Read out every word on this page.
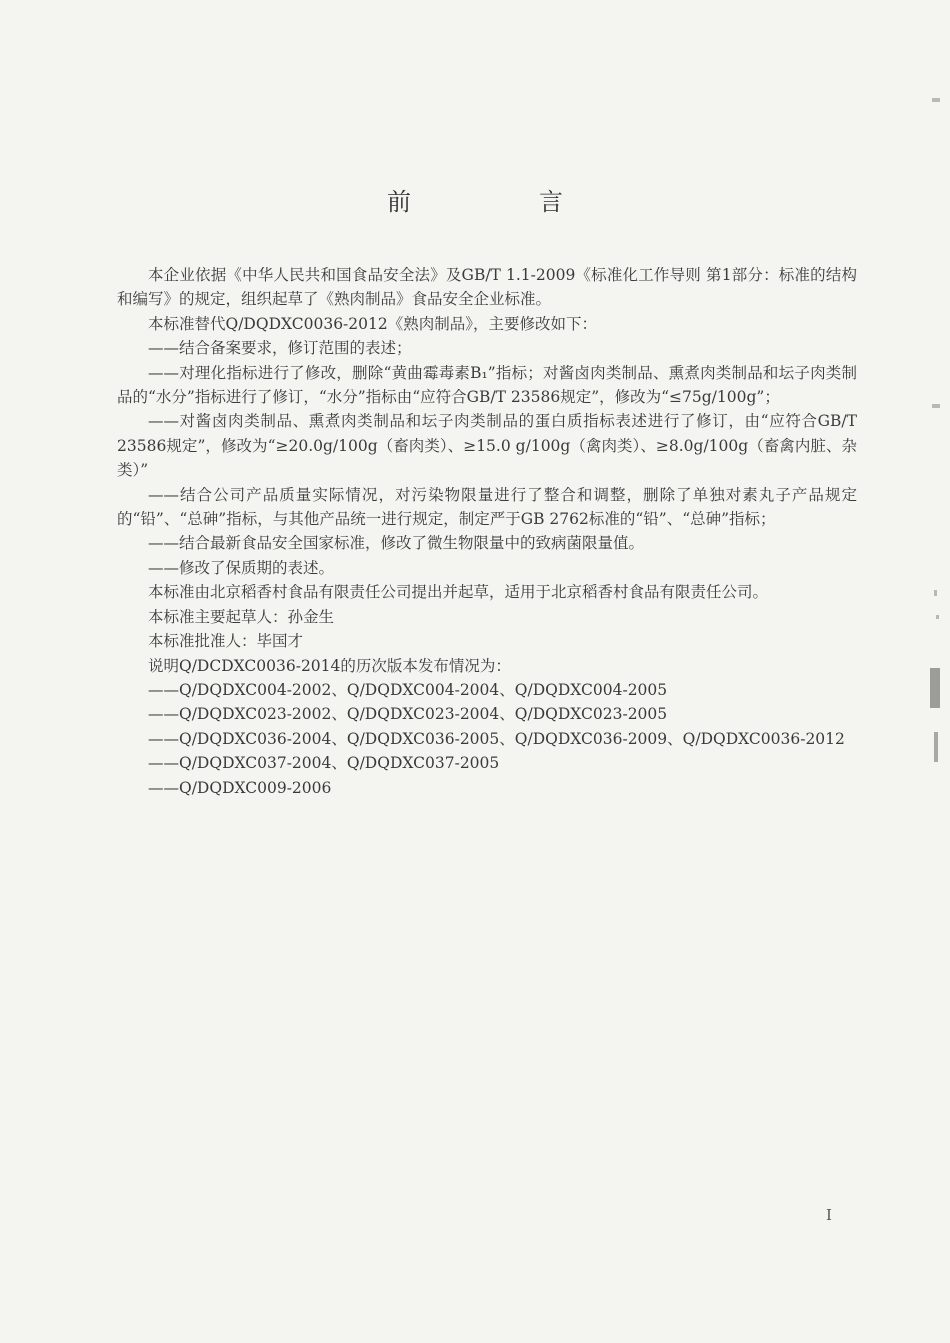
前　言

本企业依据《中华人民共和国食品安全法》及GB/T 1.1-2009《标准化工作导则 第1部分：标准的结构和编写》的规定，组织起草了《熟肉制品》食品安全企业标准。

本标准替代Q/DQDXC0036-2012《熟肉制品》，主要修改如下：

——结合备案要求，修订范围的表述；

——对理化指标进行了修改，删除“黄曲霉毒素B₁”指标；对酱卤肉类制品、熏煮肉类制品和坛子肉类制品的“水分”指标进行了修订，“水分”指标由“应符合GB/T 23586规定”，修改为“≤75g/100g”；

——对酱卤肉类制品、熏煮肉类制品和坛子肉类制品的蛋白质指标表述进行了修订，由“应符合GB/T 23586规定”，修改为“≥20.0g/100g（畜肉类）、≥15.0 g/100g（禽肉类）、≥8.0g/100g（畜禽内脏、杂类）”

——结合公司产品质量实际情况，对污染物限量进行了整合和调整，删除了单独对素丸子产品规定的“铅”、“总砷”指标，与其他产品统一进行规定，制定严于GB 2762标准的“铅”、“总砷”指标；

——结合最新食品安全国家标准，修改了微生物限量中的致病菌限量值。

——修改了保质期的表述。

本标准由北京稻香村食品有限责任公司提出并起草，适用于北京稻香村食品有限责任公司。

本标准主要起草人：孙金生

本标准批准人：毕国才

说明Q/DCDXC0036-2014的历次版本发布情况为：

——Q/DQDXC004-2002、Q/DQDXC004-2004、Q/DQDXC004-2005

——Q/DQDXC023-2002、Q/DQDXC023-2004、Q/DQDXC023-2005

——Q/DQDXC036-2004、Q/DQDXC036-2005、Q/DQDXC036-2009、Q/DQDXC0036-2012

——Q/DQDXC037-2004、Q/DQDXC037-2005

——Q/DQDXC009-2006

I
